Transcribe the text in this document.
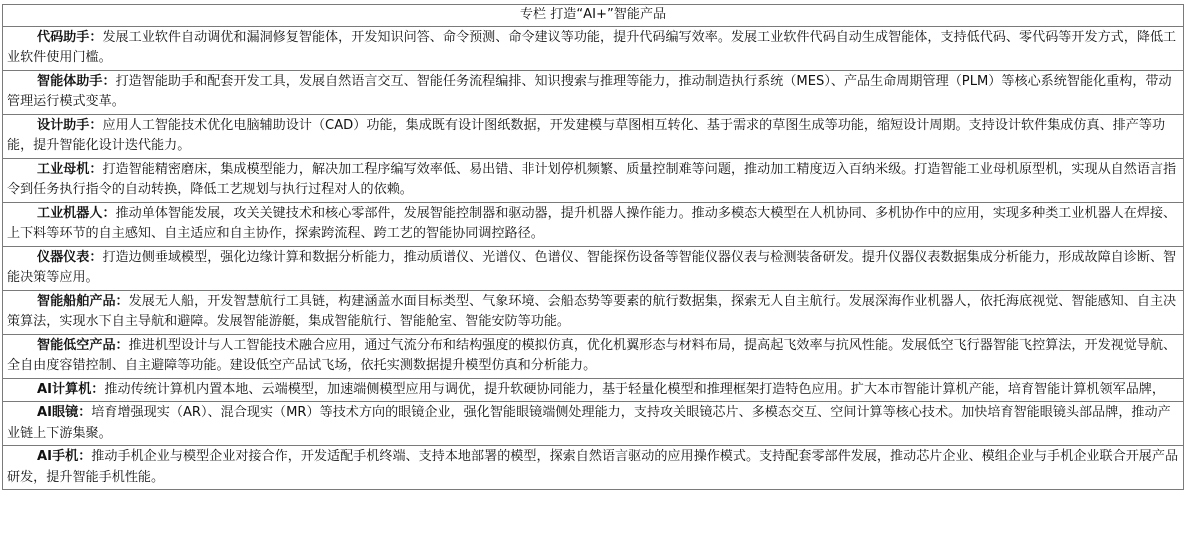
专栏 打造“AI+”智能产品
代码助手：发展工业软件自动调优和漏洞修复智能体，开发知识问答、命令预测、命令建议等功能，提升代码编写效率。发展工业软件代码自动生成智能体，支持低代码、零代码等开发方式，降低工业软件使用门槛。
智能体助手：打造智能助手和配套开发工具，发展自然语言交互、智能任务流程编排、知识搜索与推理等能力，推动制造执行系统（MES）、产品生命周期管理（PLM）等核心系统智能化重构，带动管理运行模式变革。
设计助手：应用人工智能技术优化电脑辅助设计（CAD）功能，集成既有设计图纸数据，开发建模与草图相互转化、基于需求的草图生成等功能，缩短设计周期。支持设计软件集成仿真、排产等功能，提升智能化设计迭代能力。
工业母机：打造智能精密磨床，集成模型能力，解决加工程序编写效率低、易出错、非计划停机频繁、质量控制难等问题，推动加工精度迈入百纳米级。打造智能工业母机原型机，实现从自然语言指令到任务执行指令的自动转换，降低工艺规划与执行过程对人的依赖。
工业机器人：推动单体智能发展，攻关关键技术和核心零部件，发展智能控制器和驱动器，提升机器人操作能力。推动多模态大模型在人机协同、多机协作中的应用，实现多种类工业机器人在焊接、上下料等环节的自主感知、自主适应和自主协作，探索跨流程、跨工艺的智能协同调控路径。
仪器仪表：打造边侧垂域模型，强化边缘计算和数据分析能力，推动质谱仪、光谱仪、色谱仪、智能探伤设备等智能仪器仪表与检测装备研发。提升仪器仪表数据集成分析能力，形成故障自诊断、智能决策等应用。
智能船舶产品：发展无人船，开发智慧航行工具链，构建涵盖水面目标类型、气象环境、会船态势等要素的航行数据集，探索无人自主航行。发展深海作业机器人，依托海底视觉、智能感知、自主决策算法，实现水下自主导航和避障。发展智能游艇，集成智能航行、智能舱室、智能安防等功能。
智能低空产品：推进机型设计与人工智能技术融合应用，通过气流分布和结构强度的模拟仿真，优化机翼形态与材料布局，提高起飞效率与抗风性能。发展低空飞行器智能飞控算法，开发视觉导航、全自由度容错控制、自主避障等功能。建设低空产品试飞场，依托实测数据提升模型仿真和分析能力。
AI计算机：推动传统计算机内置本地、云端模型，加速端侧模型应用与调优，提升软硬协同能力，基于轻量化模型和推理框架打造特色应用。扩大本市智能计算机产能，培育智能计算机领军品牌，
AI眼镜：培育增强现实（AR）、混合现实（MR）等技术方向的眼镜企业，强化智能眼镜端侧处理能力，支持攻关眼镜芯片、多模态交互、空间计算等核心技术。加快培育智能眼镜头部品牌，推动产业链上下游集聚。
AI手机：推动手机企业与模型企业对接合作，开发适配手机终端、支持本地部署的模型，探索自然语言驱动的应用操作模式。支持配套零部件发展，推动芯片企业、模组企业与手机企业联合开展产品研发，提升智能手机性能。
